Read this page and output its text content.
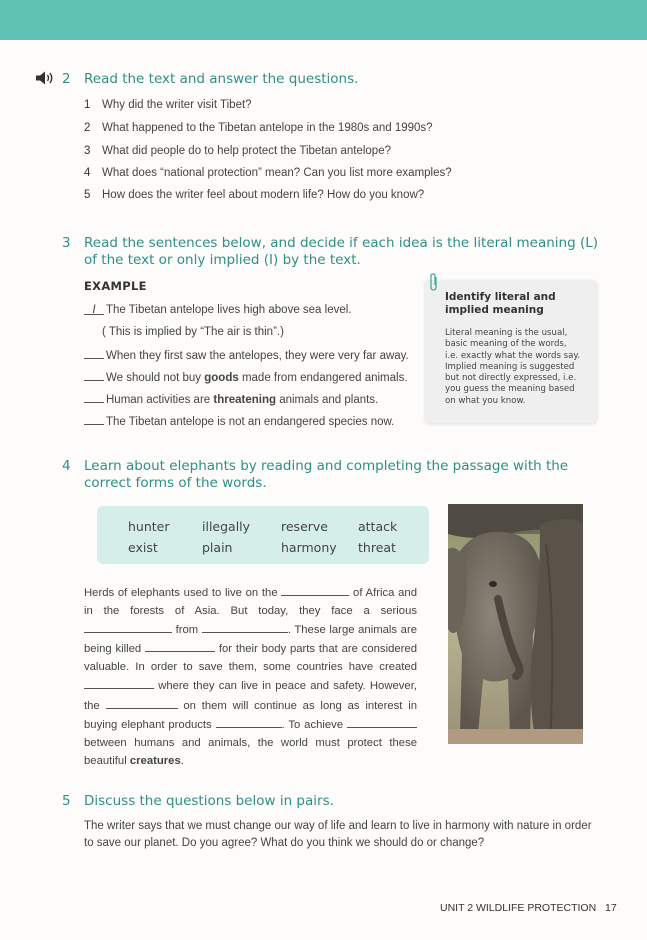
2 Read the text and answer the questions.
1 Why did the writer visit Tibet?
2 What happened to the Tibetan antelope in the 1980s and 1990s?
3 What did people do to help protect the Tibetan antelope?
4 What does “national protection” mean? Can you list more examples?
5 How does the writer feel about modern life? How do you know?
3 Read the sentences below, and decide if each idea is the literal meaning (L)
of the text or only implied (I) by the text.
EXAMPLE
I The Tibetan antelope lives high above sea level.
( This is implied by “The air is thin”.)
When they first saw the antelopes, they were very far away.
We should not buy goods made from endangered animals.
Human activities are threatening animals and plants.
The Tibetan antelope is not an endangered species now.
Identify literal and implied meaning
Literal meaning is the usual,
basic meaning of the words,
i.e. exactly what the words say.
Implied meaning is suggested
but not directly expressed, i.e.
you guess the meaning based
on what you know.
4 Learn about elephants by reading and completing the passage with the
correct forms of the words.
hunter	illegally reserve attack
exist	plain	harmony threat
Herds of elephants used to live on the	of Africa and in the forests of Asia. But today, they face a serious  from	. These large animals are being killed	for their body parts that are considered valuable. In order to save them, some countries have created  where they can live in peace and safety. However, the	on them will continue as long as interest in buying elephant products	. To achieve  between humans and animals, the world must protect these beautiful creatures.
5 Discuss the questions below in pairs.
The writer says that we must change our way of life and learn to live in harmony with nature in order to save our planet. Do you agree? What do you think we should do or change?
UNIT 2 WILDLIFE PROTECTION 17
